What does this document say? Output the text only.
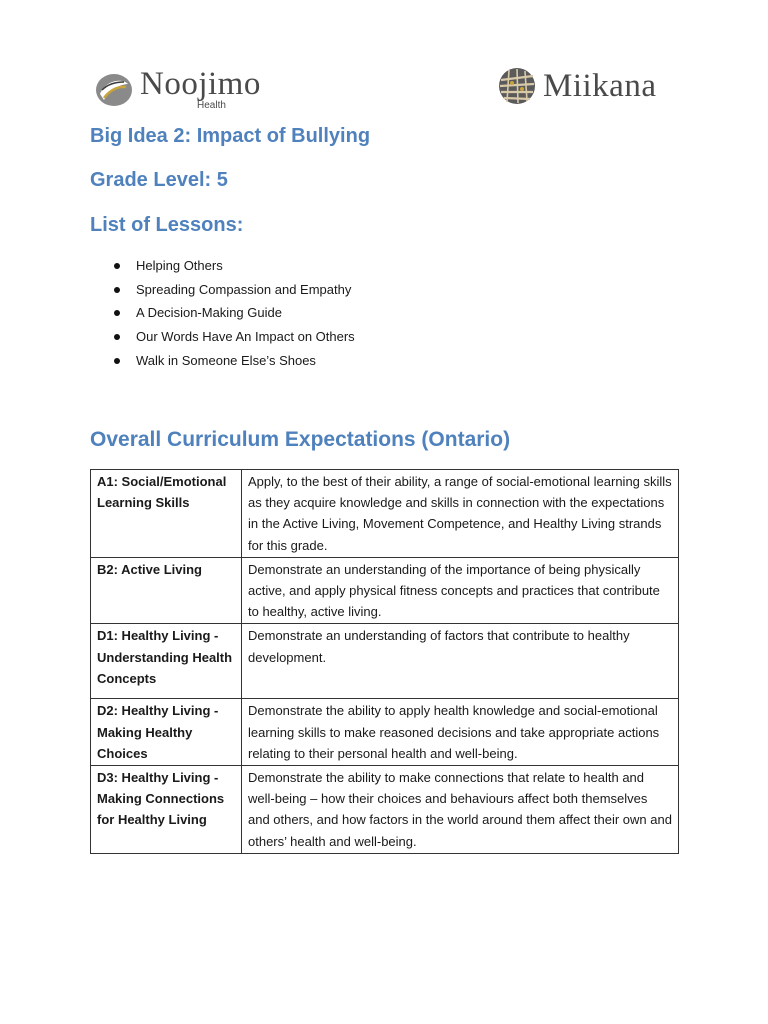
Noojimo
Health
Miikana
Big Idea 2: Impact of Bullying
Grade Level: 5
List of Lessons:
Helping Others
Spreading Compassion and Empathy
A Decision-Making Guide
Our Words Have An Impact on Others
Walk in Someone Else’s Shoes
Overall Curriculum Expectations (Ontario)
A1: Social/Emotional Learning Skills	Apply, to the best of their ability, a range of social-emotional learning skills as they acquire knowledge and skills in connection with the expectations in the Active Living, Movement Competence, and Healthy Living strands for this grade.
B2: Active Living	Demonstrate an understanding of the importance of being physically active, and apply physical fitness concepts and practices that contribute to healthy, active living.
D1: Healthy Living - Understanding Health Concepts	Demonstrate an understanding of factors that contribute to healthy development.
D2: Healthy Living - Making Healthy Choices	Demonstrate the ability to apply health knowledge and social-emotional learning skills to make reasoned decisions and take appropriate actions relating to their personal health and well-being.
D3: Healthy Living - Making Connections for Healthy Living	Demonstrate the ability to make connections that relate to health and well-being – how their choices and behaviours affect both themselves and others, and how factors in the world around them affect their own and others’ health and well-being.
